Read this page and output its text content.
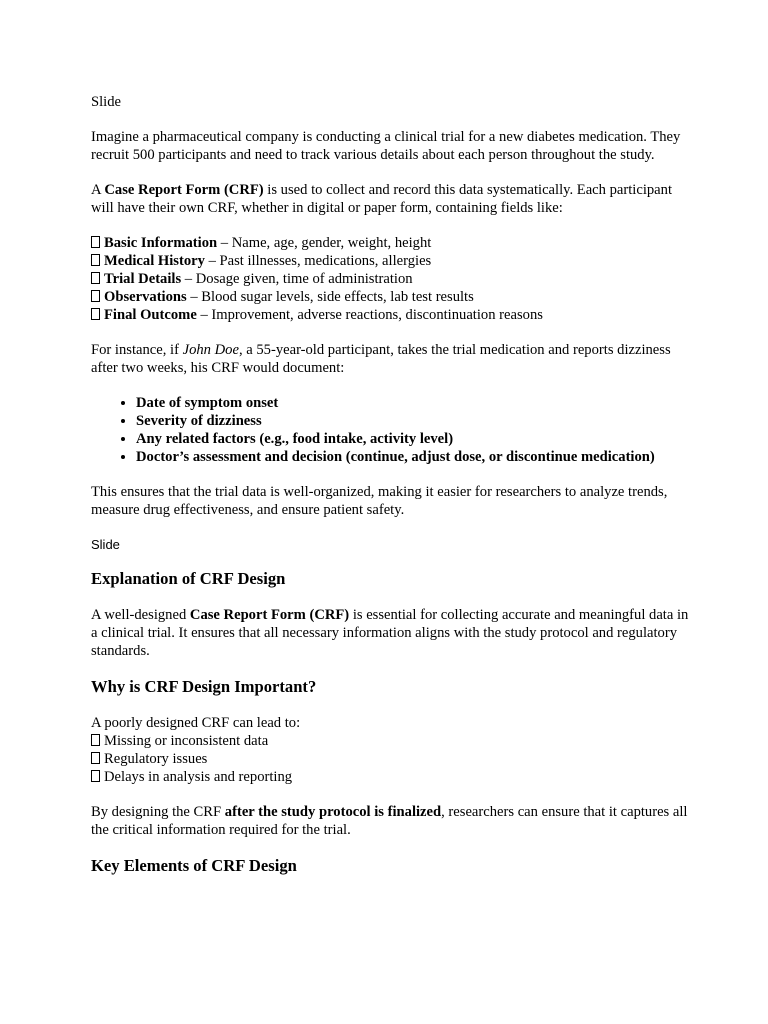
Slide

Imagine a pharmaceutical company is conducting a clinical trial for a new diabetes medication. They recruit 500 participants and need to track various details about each person throughout the study.

A Case Report Form (CRF) is used to collect and record this data systematically. Each participant will have their own CRF, whether in digital or paper form, containing fields like:

Basic Information – Name, age, gender, weight, height
Medical History – Past illnesses, medications, allergies
Trial Details – Dosage given, time of administration
Observations – Blood sugar levels, side effects, lab test results
Final Outcome – Improvement, adverse reactions, discontinuation reasons

For instance, if John Doe, a 55-year-old participant, takes the trial medication and reports dizziness after two weeks, his CRF would document:

• Date of symptom onset
• Severity of dizziness
• Any related factors (e.g., food intake, activity level)
• Doctor’s assessment and decision (continue, adjust dose, or discontinue medication)

This ensures that the trial data is well-organized, making it easier for researchers to analyze trends, measure drug effectiveness, and ensure patient safety.

Slide

Explanation of CRF Design

A well-designed Case Report Form (CRF) is essential for collecting accurate and meaningful data in a clinical trial. It ensures that all necessary information aligns with the study protocol and regulatory standards.

Why is CRF Design Important?
A poorly designed CRF can lead to:
Missing or inconsistent data
Regulatory issues
Delays in analysis and reporting

By designing the CRF after the study protocol is finalized, researchers can ensure that it captures all the critical information required for the trial.

Key Elements of CRF Design
